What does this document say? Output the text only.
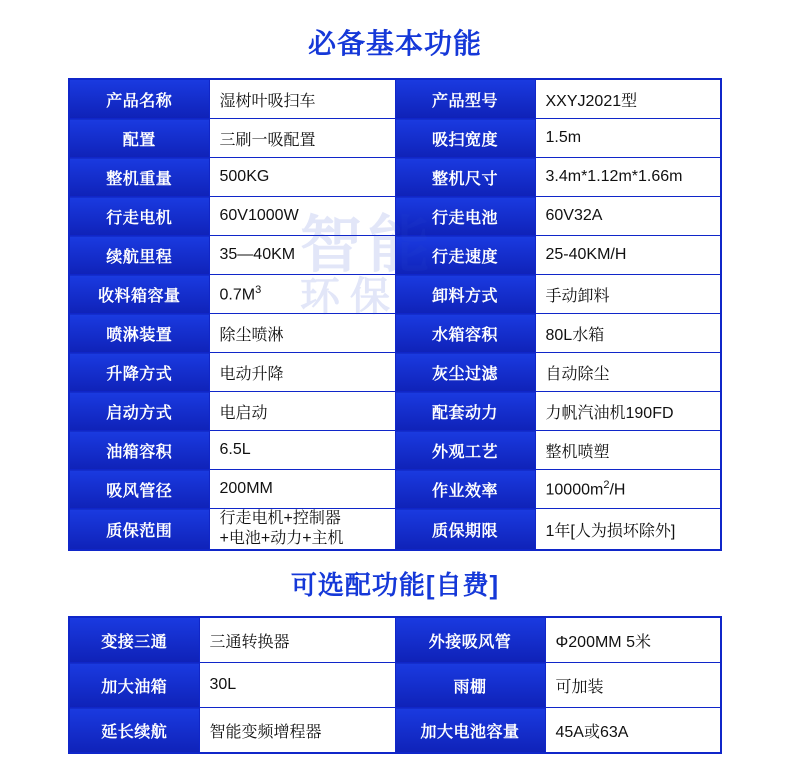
必备基本功能
产品名称	湿树叶吸扫车	产品型号	XXYJ2021型
配置	三刷一吸配置	吸扫宽度	1.5m
整机重量	500KG	整机尺寸	3.4m*1.12m*1.66m
行走电机	60V1000W	行走电池	60V32A
续航里程	35—40KM	行走速度	25-40KM/H
收料箱容量	$0.7M^3$	卸料方式	手动卸料
喷淋装置	除尘喷淋	水箱容积	80L水箱
升降方式	电动升降	灰尘过滤	自动除尘
启动方式	电启动	配套动力	力帆汽油机190FD
油箱容积	6.5L	外观工艺	整机喷塑
吸风管径	200MM	作业效率	$10000m^2/H$
质保范围	行走电机+控制器
+电池+动力+主机	质保期限	1年[人为损坏除外]
可选配功能[自费]
变接三通	三通转换器	外接吸风管	Φ200MM 5米
加大油箱	30L	雨棚	可加装
延长续航	智能变频增程器	加大电池容量	45A或63A
